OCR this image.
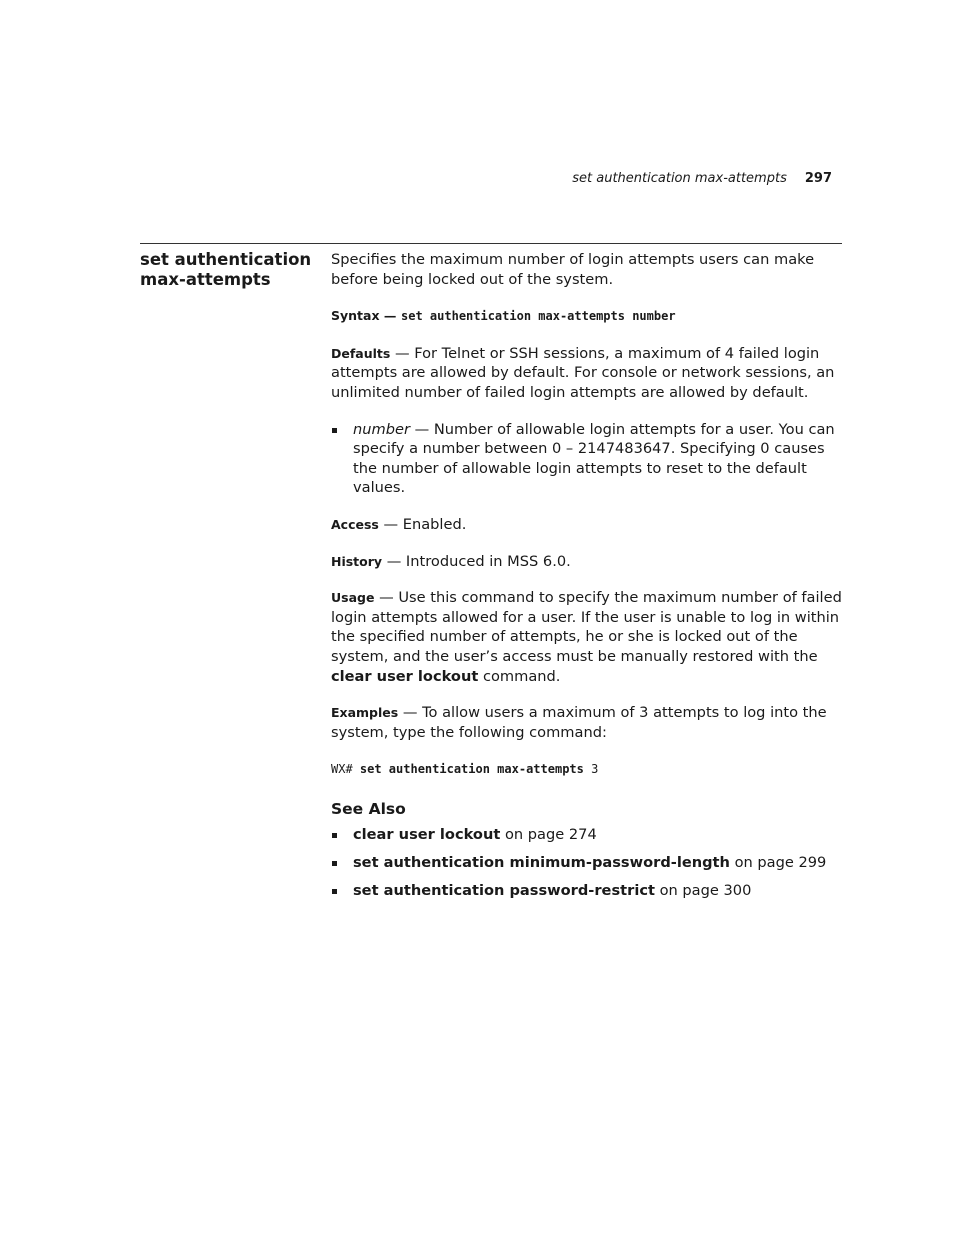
set authentication max-attempts 297
set authentication
max-attempts

Specifies the maximum number of login attempts users can make before being locked out of the system.

Syntax — set authentication max-attempts number

Defaults — For Telnet or SSH sessions, a maximum of 4 failed login attempts are allowed by default. For console or network sessions, an unlimited number of failed login attempts are allowed by default.

number — Number of allowable login attempts for a user. You can specify a number between 0 – 2147483647. Specifying 0 causes the number of allowable login attempts to reset to the default values.

Access — Enabled.

History — Introduced in MSS 6.0.

Usage — Use this command to specify the maximum number of failed login attempts allowed for a user. If the user is unable to log in within the specified number of attempts, he or she is locked out of the system, and the user’s access must be manually restored with the clear user lockout command.

Examples — To allow users a maximum of 3 attempts to log into the system, type the following command:

WX# set authentication max-attempts 3

See Also
clear user lockout on page 274
set authentication minimum-password-length on page 299
set authentication password-restrict on page 300
